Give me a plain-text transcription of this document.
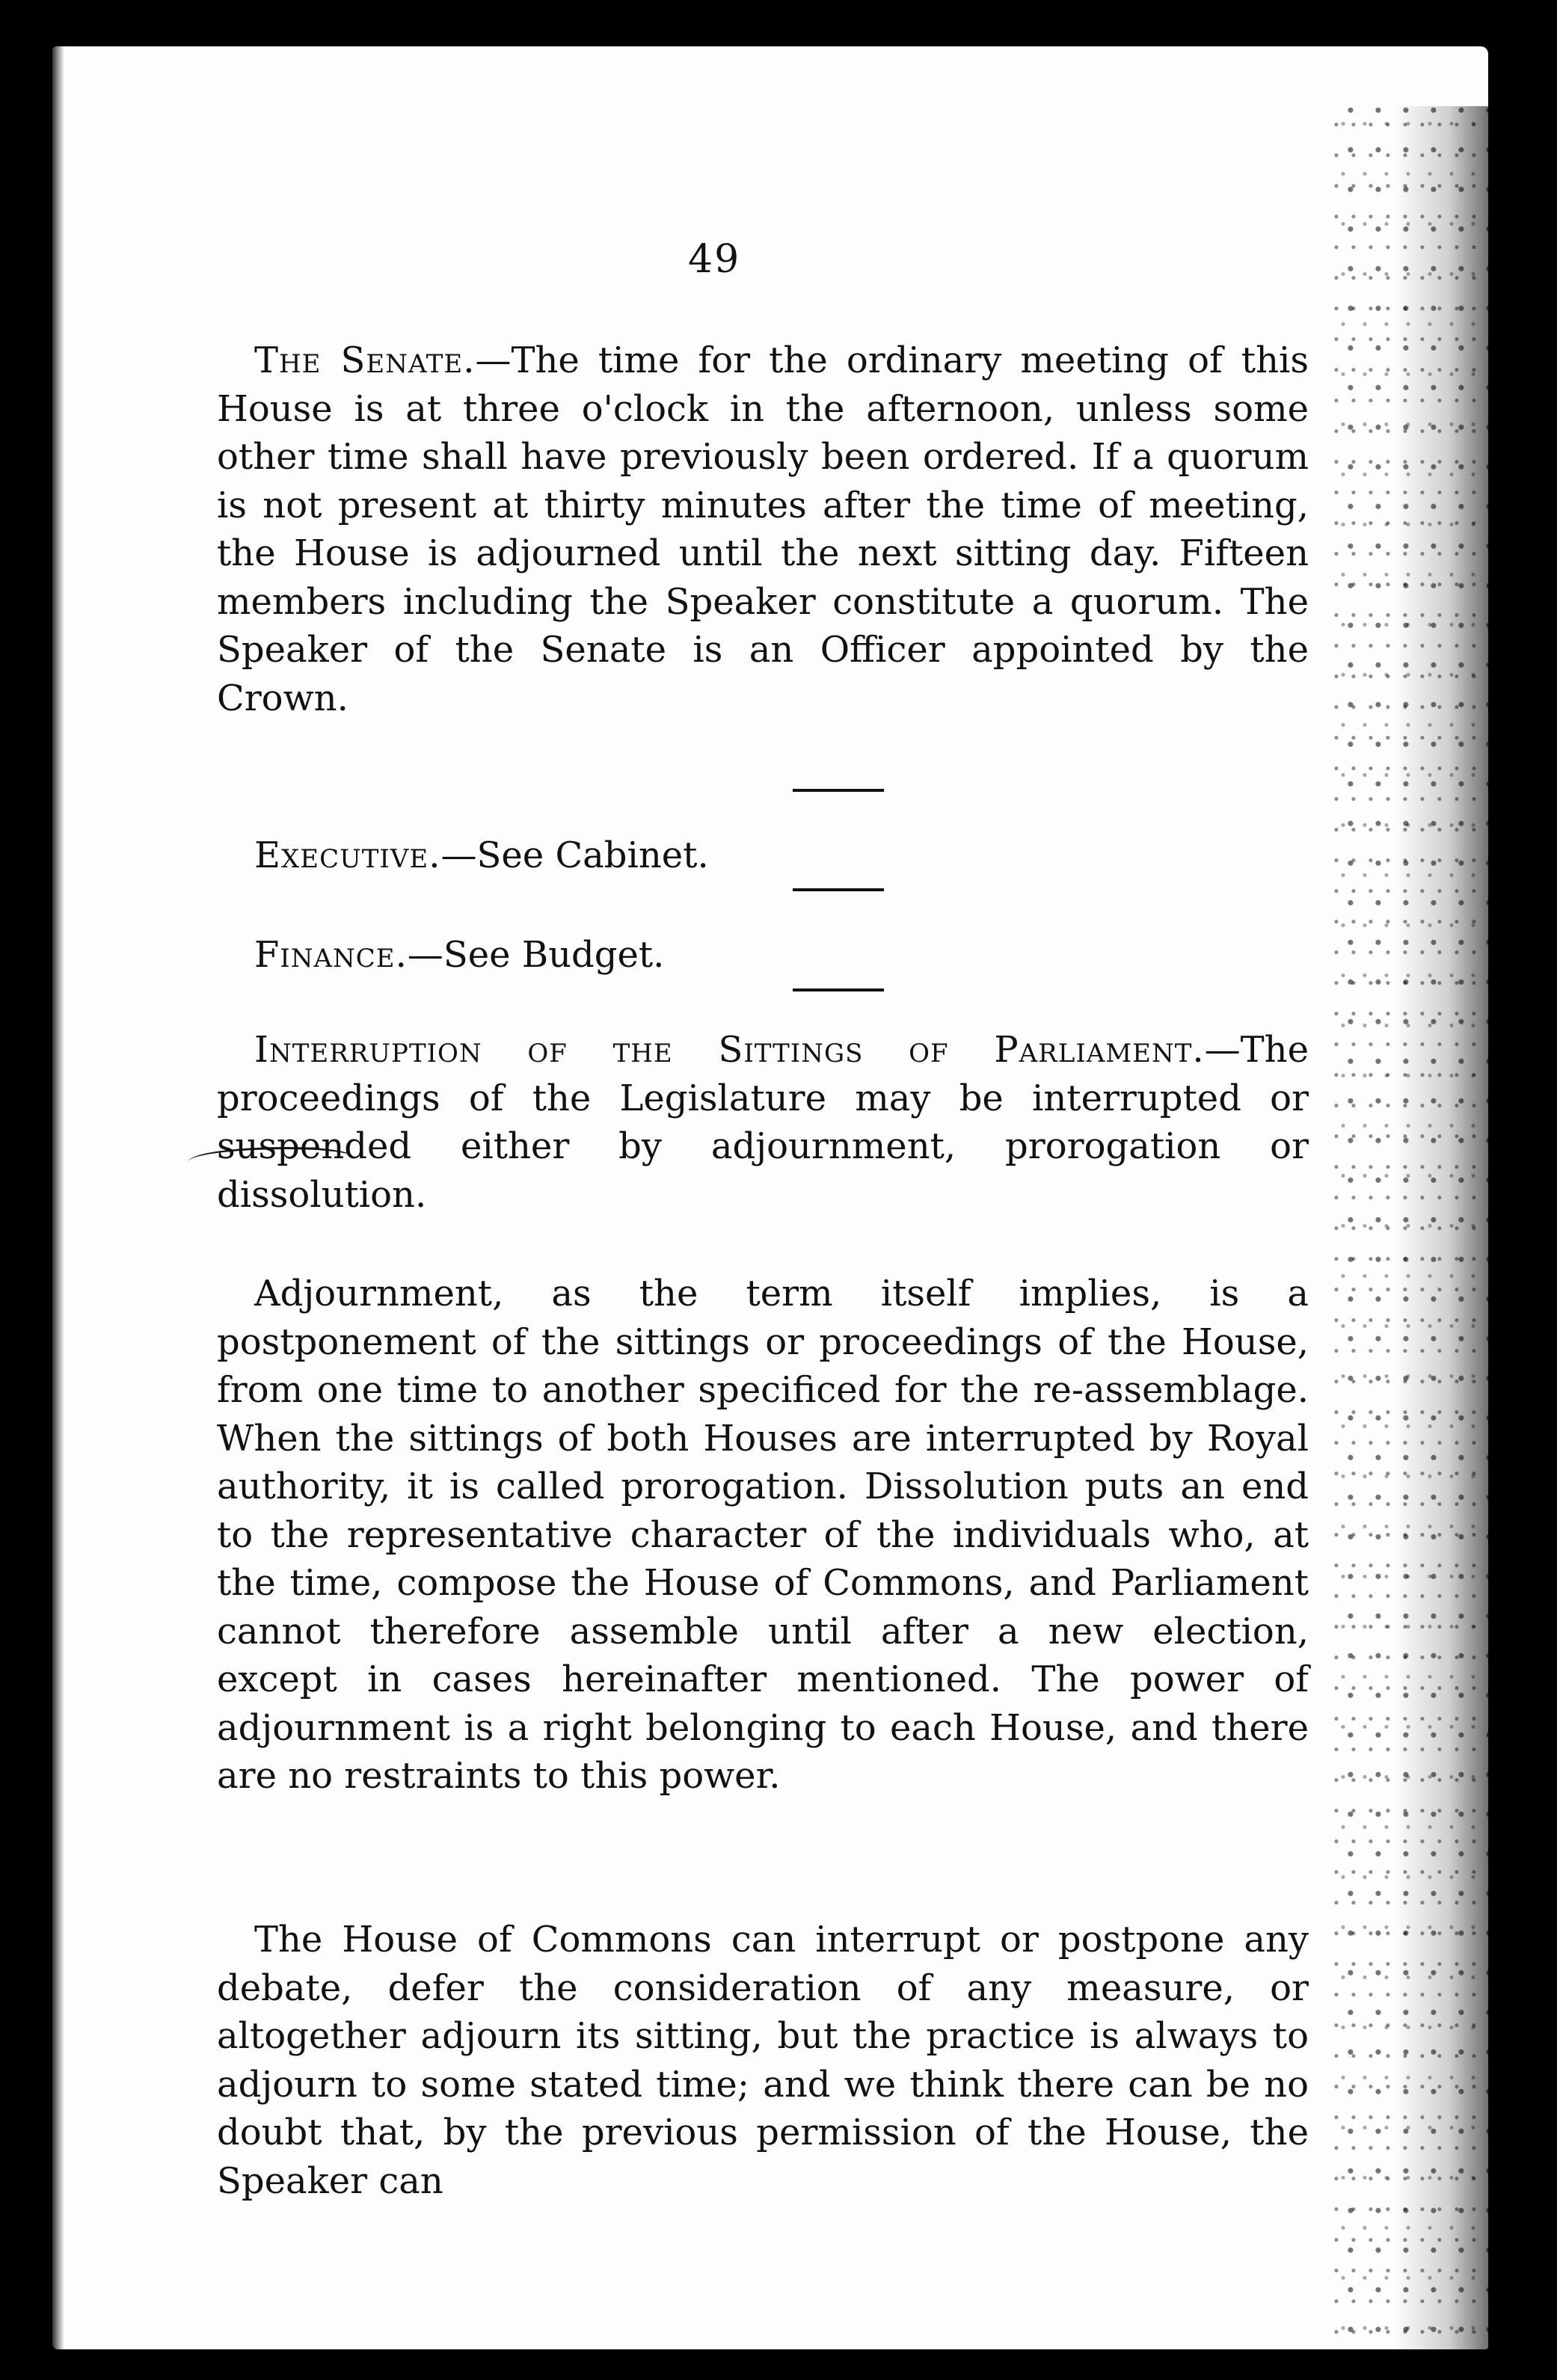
49

The Senate.—The time for the ordinary meeting of this House is at three o'clock in the afternoon, unless some other time shall have previously been ordered. If a quorum is not present at thirty minutes after the time of meeting, the House is adjourned until the next sitting day. Fifteen members including the Speaker constitute a quorum. The Speaker of the Senate is an Officer appointed by the Crown.

Executive.—See Cabinet.

Finance.—See Budget.

Interruption of the Sittings of Parliament.—The proceedings of the Legislature may be interrupted or suspended either by adjournment, prorogation or dissolution.

Adjournment, as the term itself implies, is a postponement of the sittings or proceedings of the House, from one time to another specificed for the re-assemblage. When the sittings of both Houses are interrupted by Royal authority, it is called prorogation. Dissolution puts an end to the representative character of the individuals who, at the time, compose the House of Commons, and Parliament cannot therefore assemble until after a new election, except in cases hereinafter mentioned. The power of adjournment is a right belonging to each House, and there are no restraints to this power.

The House of Commons can interrupt or postpone any debate, defer the consideration of any measure, or altogether adjourn its sitting, but the practice is always to adjourn to some stated time; and we think there can be no doubt that, by the previous permission of the House, the Speaker can
